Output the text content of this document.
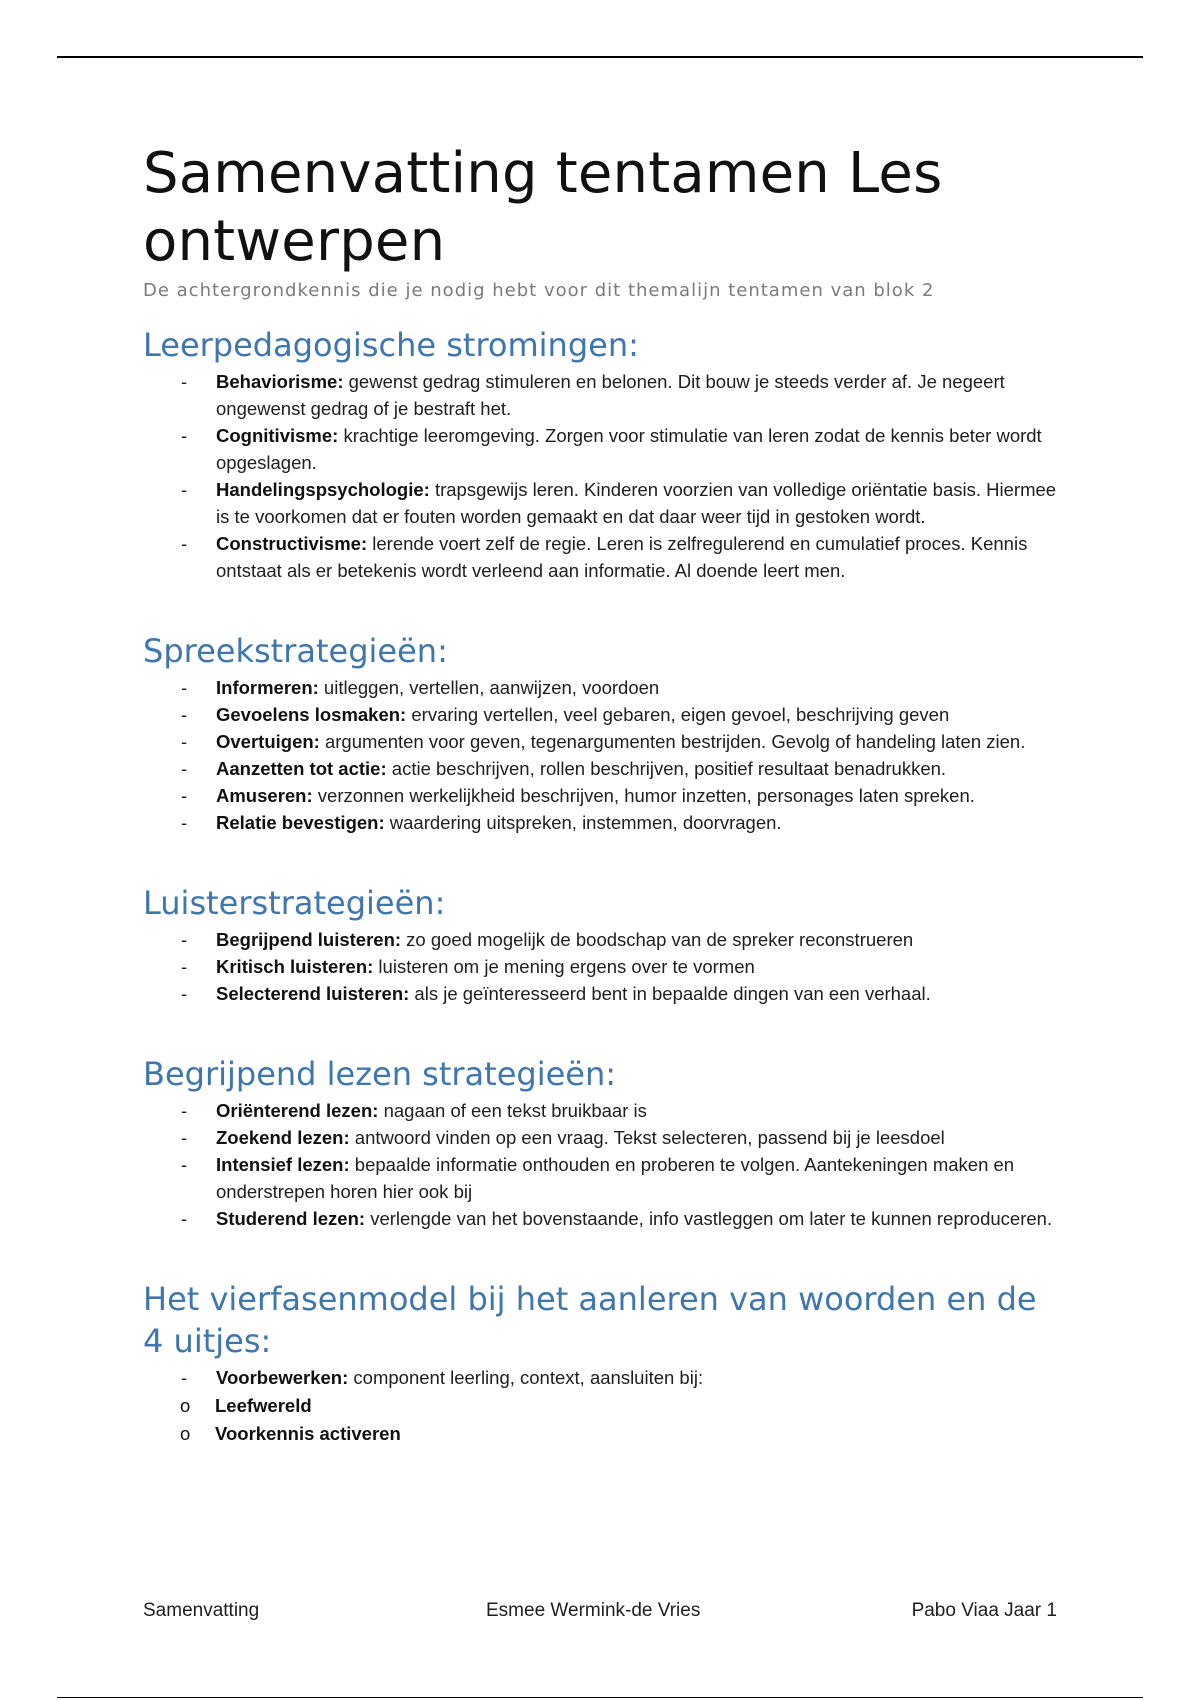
Samenvatting tentamen Les ontwerpen
De achtergrondkennis die je nodig hebt voor dit themalijn tentamen van blok 2
Leerpedagogische stromingen:
-	Behaviorisme: gewenst gedrag stimuleren en belonen. Dit bouw je steeds verder af. Je negeert ongewenst gedrag of je bestraft het.
-	Cognitivisme: krachtige leeromgeving. Zorgen voor stimulatie van leren zodat de kennis beter wordt opgeslagen.
-	Handelingspsychologie: trapsgewijs leren. Kinderen voorzien van volledige oriëntatie basis. Hiermee is te voorkomen dat er fouten worden gemaakt en dat daar weer tijd in gestoken wordt.
-	Constructivisme: lerende voert zelf de regie. Leren is zelfregulerend en cumulatief proces. Kennis ontstaat als er betekenis wordt verleend aan informatie. Al doende leert men.
Spreekstrategieën:
-	Informeren: uitleggen, vertellen, aanwijzen, voordoen
-	Gevoelens losmaken: ervaring vertellen, veel gebaren, eigen gevoel, beschrijving geven
-	Overtuigen: argumenten voor geven, tegenargumenten bestrijden. Gevolg of handeling laten zien.
-	Aanzetten tot actie: actie beschrijven, rollen beschrijven, positief resultaat benadrukken.
-	Amuseren: verzonnen werkelijkheid beschrijven, humor inzetten, personages laten spreken.
-	Relatie bevestigen: waardering uitspreken, instemmen, doorvragen.
Luisterstrategieën:
-	Begrijpend luisteren: zo goed mogelijk de boodschap van de spreker reconstrueren
-	Kritisch luisteren: luisteren om je mening ergens over te vormen
-	Selecterend luisteren: als je geïnteresseerd bent in bepaalde dingen van een verhaal.
Begrijpend lezen strategieën:
-	Oriënterend lezen: nagaan of een tekst bruikbaar is
-	Zoekend lezen: antwoord vinden op een vraag. Tekst selecteren, passend bij je leesdoel
-	Intensief lezen: bepaalde informatie onthouden en proberen te volgen. Aantekeningen maken en onderstrepen horen hier ook bij
-	Studerend lezen: verlengde van het bovenstaande, info vastleggen om later te kunnen reproduceren.
Het vierfasenmodel bij het aanleren van woorden en de 4 uitjes:
-	Voorbewerken: component leerling, context, aansluiten bij:
o Leefwereld
o Voorkennis activeren
Samenvatting	Esmee Wermink-de Vries	Pabo Viaa Jaar 1
